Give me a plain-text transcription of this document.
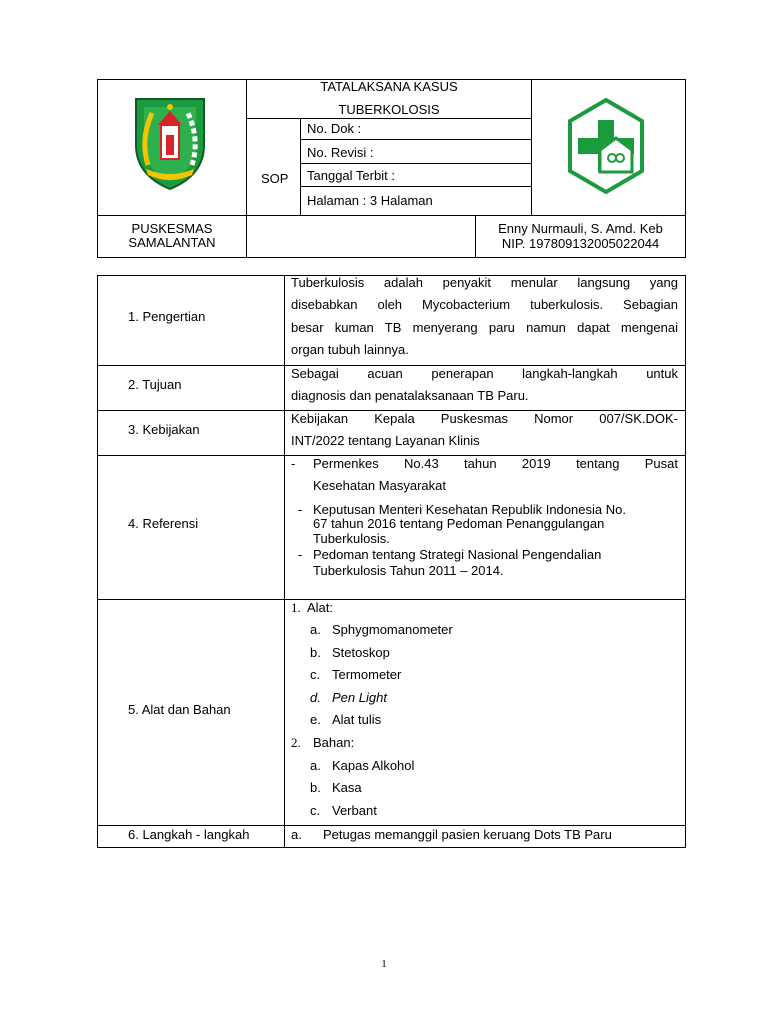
TATALAKSANA KASUS
TUBERKOLOSIS
SOP
No. Dok :
No. Revisi :
Tanggal Terbit :
Halaman : 3 Halaman
PUSKESMAS
SAMALANTAN
Enny Nurmauli, S. Amd. Keb
NIP. 197809132005022044
1. Pengertian
Tuberkulosis adalah penyakit menular langsung yang
disebabkan oleh Mycobacterium tuberkulosis. Sebagian
besar kuman TB menyerang paru namun dapat mengenai
organ tubuh lainnya.
2. Tujuan
Sebagai acuan penerapan langkah-langkah untuk
diagnosis dan penatalaksanaan TB Paru.
3. Kebijakan
Kebijakan Kepala Puskesmas Nomor 007/SK.DOK-
INT/2022 tentang Layanan Klinis
4. Referensi
- Permenkes No.43 tahun 2019 tentang Pusat
Kesehatan Masyarakat
- Keputusan Menteri Kesehatan Republik Indonesia No.
67 tahun 2016 tentang Pedoman Penanggulangan
Tuberkulosis.
- Pedoman tentang Strategi Nasional Pengendalian
Tuberkulosis Tahun 2011 – 2014.
5. Alat dan Bahan
1. Alat:
a. Sphygmomanometer
b. Stetoskop
c. Termometer
d. Pen Light
e. Alat tulis
2. Bahan:
a. Kapas Alkohol
b. Kasa
c. Verbant
6. Langkah - langkah	a. Petugas memanggil pasien keruang Dots TB Paru
1
